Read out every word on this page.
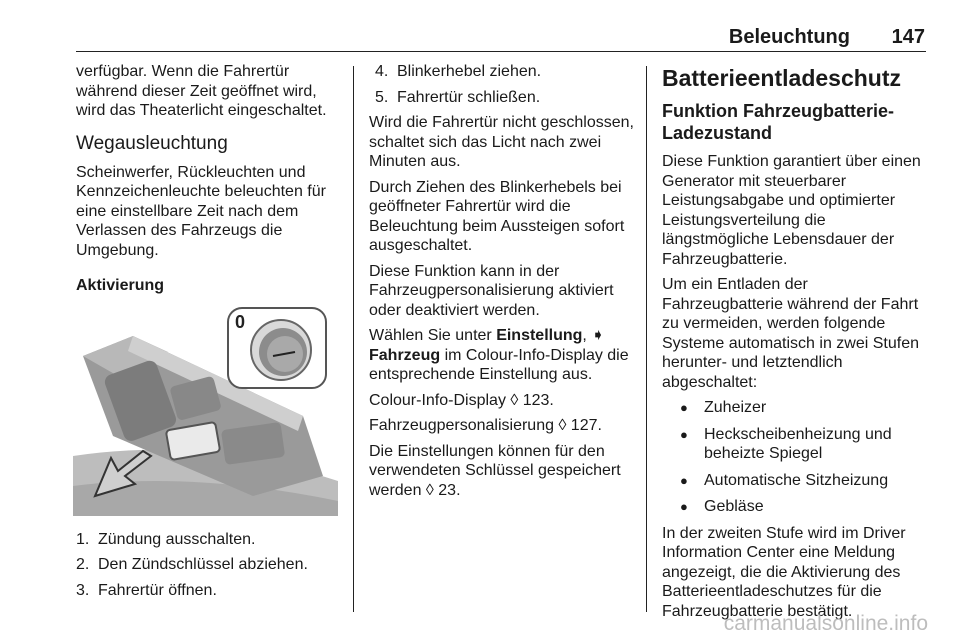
Beleuchtung 147

verfügbar. Wenn die Fahrertür während dieser Zeit geöffnet wird, wird das Theaterlicht eingeschaltet.

Wegausleuchtung

Scheinwerfer, Rückleuchten und Kennzeichenleuchte beleuchten für eine einstellbare Zeit nach dem Verlassen des Fahrzeugs die Umgebung.

Aktivierung
0
1. Zündung ausschalten.
2. Den Zündschlüssel abziehen.
3. Fahrertür öffnen.
4. Blinkerhebel ziehen.
5. Fahrertür schließen.

Wird die Fahrertür nicht geschlossen, schaltet sich das Licht nach zwei Minuten aus.

Durch Ziehen des Blinkerhebels bei geöffneter Fahrertür wird die Beleuchtung beim Aussteigen sofort ausgeschaltet.

Diese Funktion kann in der Fahrzeugpersonalisierung aktiviert oder deaktiviert werden.

Wählen Sie unter Einstellung, ➧ Fahrzeug im Colour-Info-Display die entsprechende Einstellung aus.

Colour-Info-Display ◊ 123.

Fahrzeugpersonalisierung ◊ 127.

Die Einstellungen können für den verwendeten Schlüssel gespeichert werden ◊ 23.

Batterieentladeschutz
Funktion Fahrzeugbatterie-Ladezustand

Diese Funktion garantiert über einen Generator mit steuerbarer Leistungsabgabe und optimierter Leistungsverteilung die längstmögliche Lebensdauer der Fahrzeugbatterie.

Um ein Entladen der Fahrzeugbatterie während der Fahrt zu vermeiden, werden folgende Systeme automatisch in zwei Stufen herunter- und letztendlich abgeschaltet:

● Zuheizer
● Heckscheibenheizung und beheizte Spiegel
● Automatische Sitzheizung
● Gebläse

In der zweiten Stufe wird im Driver Information Center eine Meldung angezeigt, die die Aktivierung des Batterieentladeschutzes für die Fahrzeugbatterie bestätigt.

carmanualsonline.info
